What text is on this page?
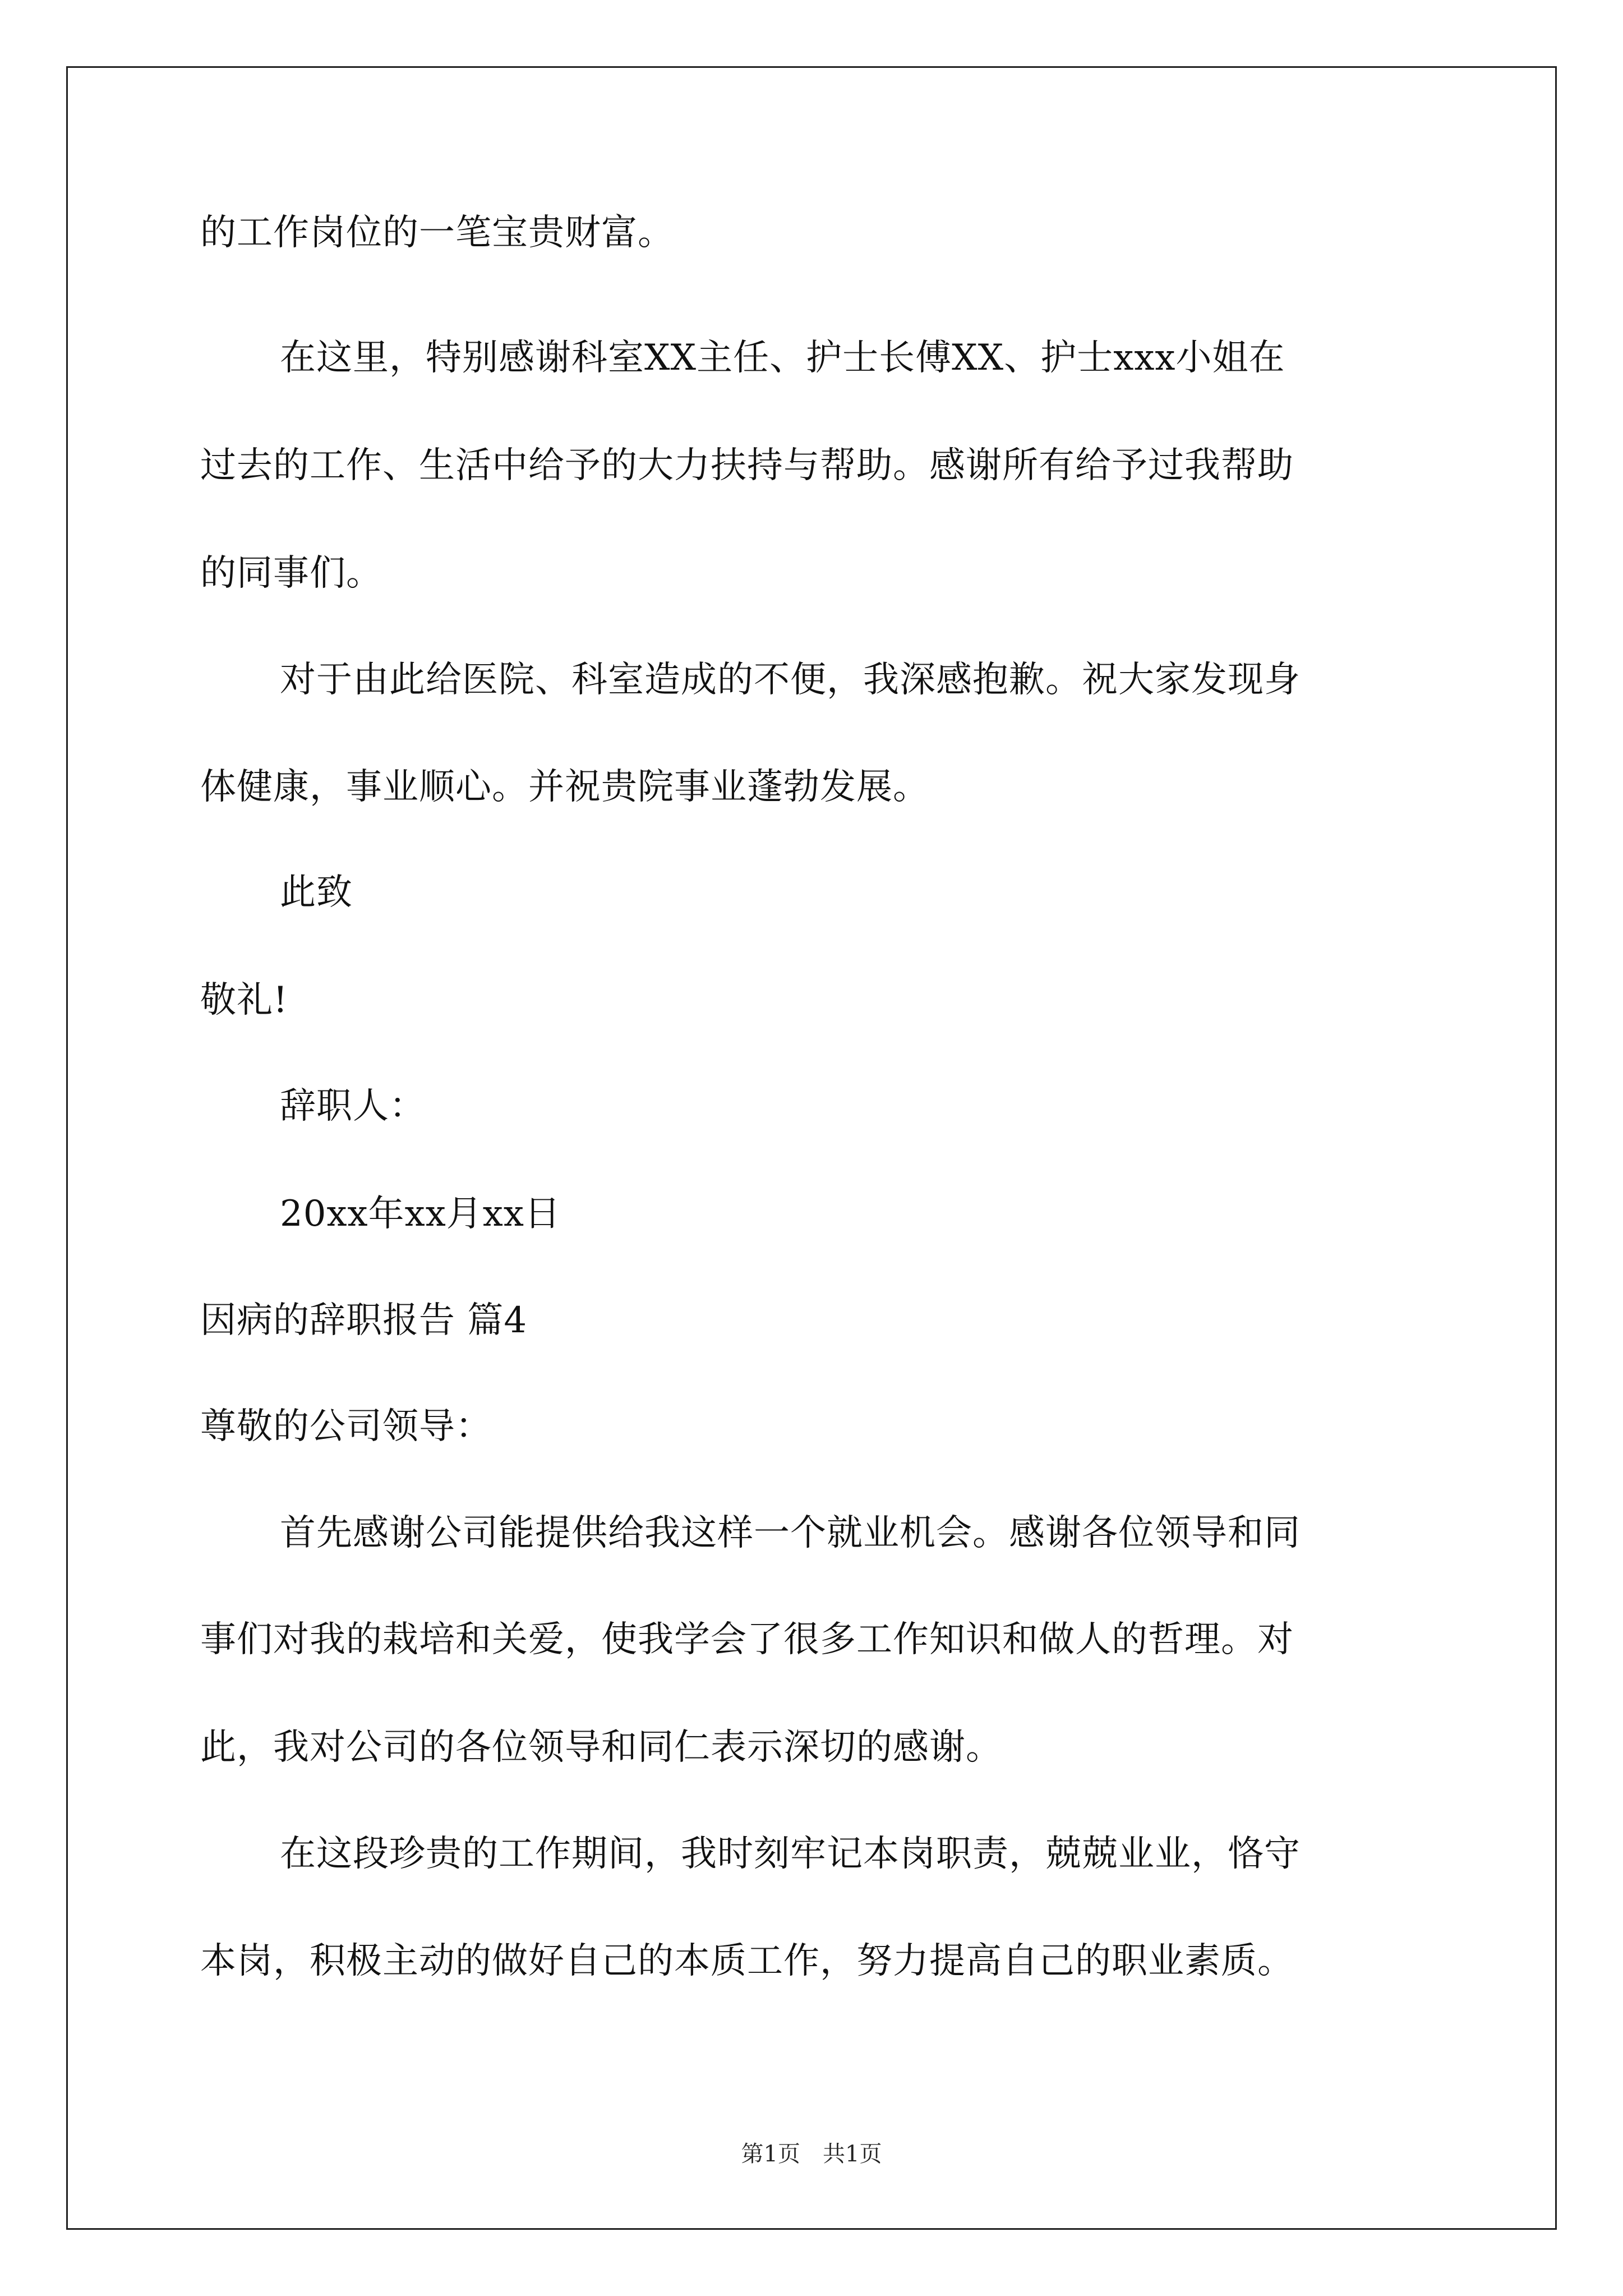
的工作岗位的一笔宝贵财富。
在这里，特别感谢科室XX主任、护士长傅XX、护士xxx小姐在
过去的工作、生活中给予的大力扶持与帮助。感谢所有给予过我帮助
的同事们。
对于由此给医院、科室造成的不便，我深感抱歉。祝大家发现身
体健康，事业顺心。并祝贵院事业蓬勃发展。
此致
敬礼!
辞职人：
20xx年xx月xx日
因病的辞职报告 篇4
尊敬的公司领导：
首先感谢公司能提供给我这样一个就业机会。感谢各位领导和同
事们对我的栽培和关爱，使我学会了很多工作知识和做人的哲理。对
此，我对公司的各位领导和同仁表示深切的感谢。
在这段珍贵的工作期间，我时刻牢记本岗职责，兢兢业业，恪守
本岗，积极主动的做好自己的本质工作，努力提高自己的职业素质。
第1页 共1页
